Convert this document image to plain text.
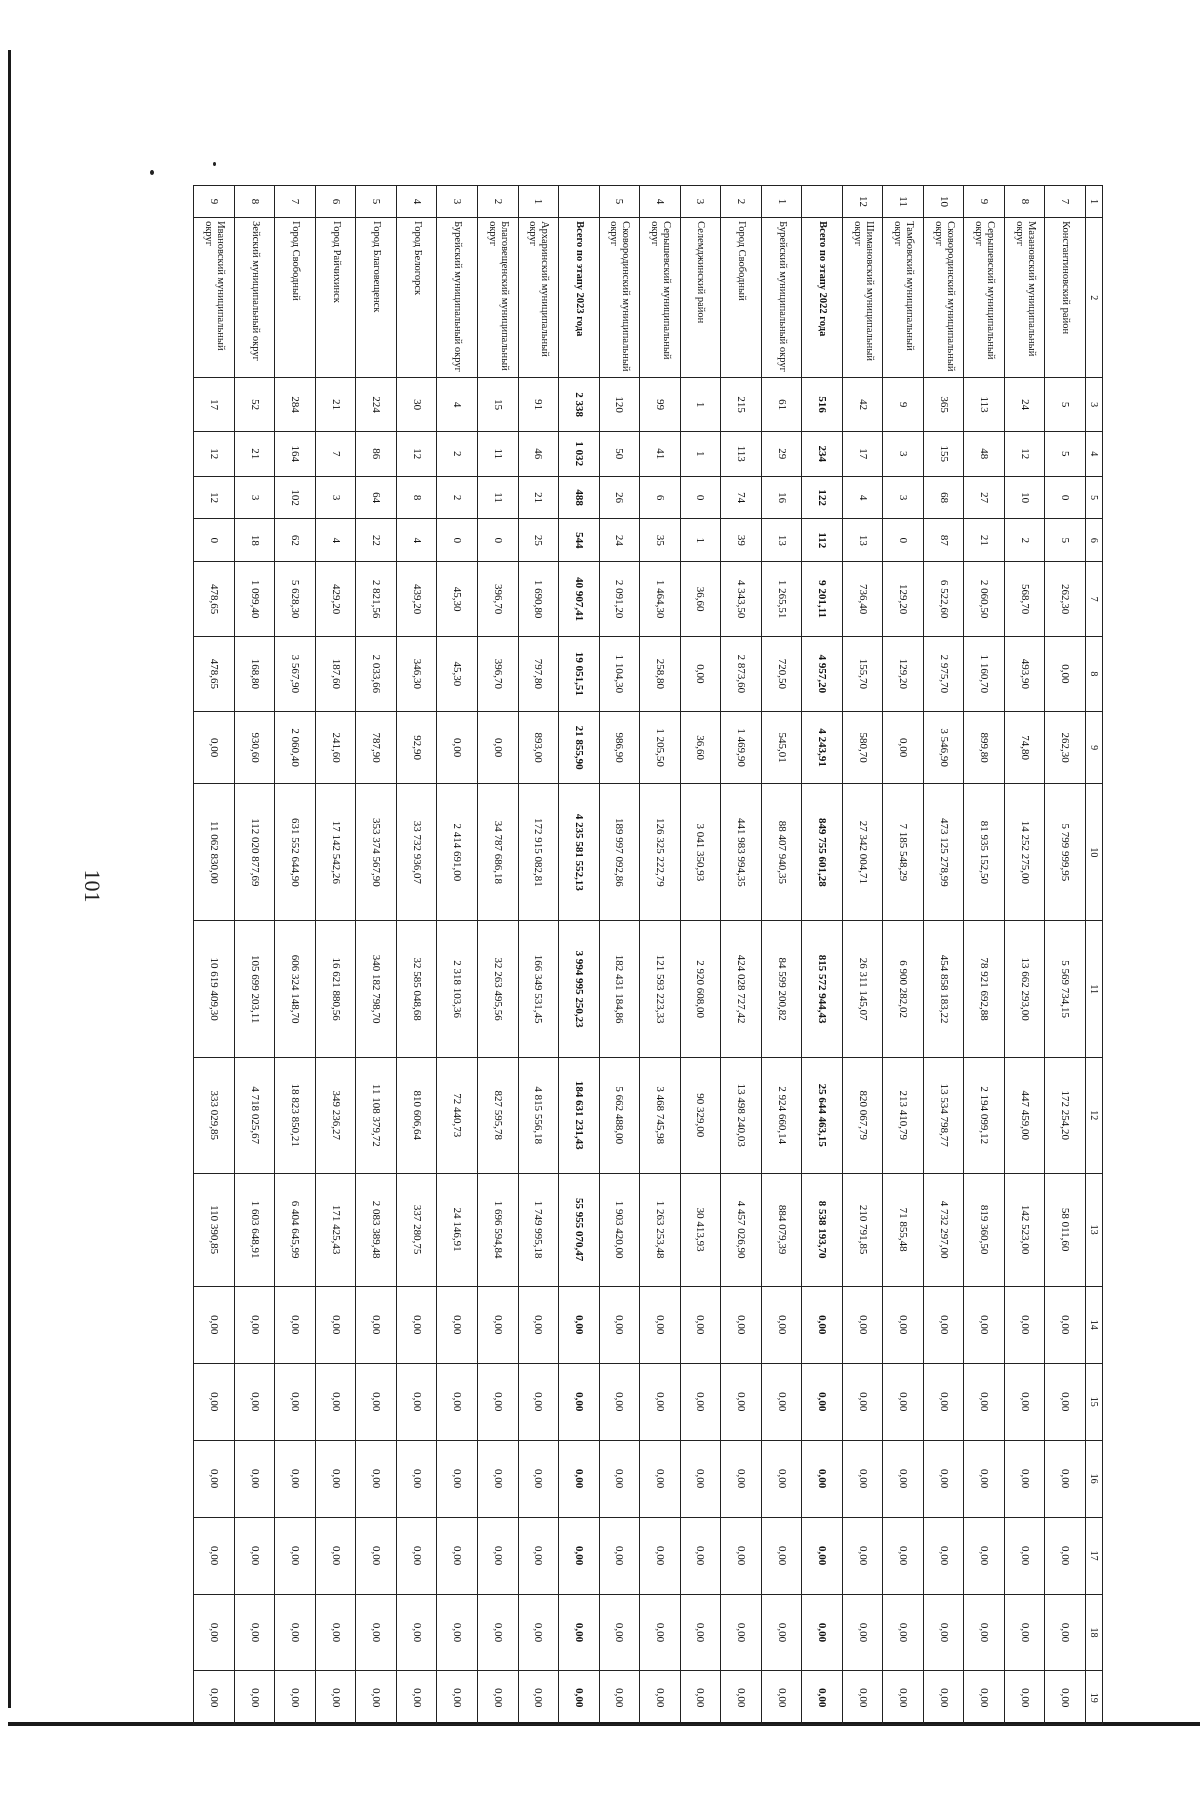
101
1	2	3	4	5	6	7	8	9	10	11	12	13	14	15	16	17	18	19
7	Константиновский район	5	5	0	5	262,30	0,00	262,30	5 799 999,95	5 569 734,15	172 254,20	58 011,60	0,00	0,00	0,00	0,00	0,00	0,00
8	Мазановский муниципальный округ	24	12	10	2	568,70	493,90	74,80	14 252 275,00	13 662 293,00	447 459,00	142 523,00	0,00	0,00	0,00	0,00	0,00	0,00
9	Серышевский муниципальный округ	113	48	27	21	2 060,50	1 160,70	899,80	81 935 152,50	78 921 692,88	2 194 099,12	819 360,50	0,00	0,00	0,00	0,00	0,00	0,00
10	Сковородинский муниципальный округ	365	155	68	87	6 522,60	2 975,70	3 546,90	473 125 278,99	454 858 183,22	13 534 798,77	4 732 297,00	0,00	0,00	0,00	0,00	0,00	0,00
11	Тамбовский муниципальный округ	9	3	3	0	129,20	129,20	0,00	7 185 548,29	6 900 282,02	213 410,79	71 855,48	0,00	0,00	0,00	0,00	0,00	0,00
12	Шимановский муниципальный округ	42	17	4	13	736,40	155,70	580,70	27 342 004,71	26 311 145,07	820 067,79	210 791,85	0,00	0,00	0,00	0,00	0,00	0,00
	Всего по этапу 2022 года	516	234	122	112	9 201,11	4 957,20	4 243,91	849 755 601,28	815 572 944,43	25 644 463,15	8 538 193,70	0,00	0,00	0,00	0,00	0,00	0,00
1	Бурейский муниципальный округ	61	29	16	13	1 265,51	720,50	545,01	88 407 940,35	84 599 200,82	2 924 660,14	884 079,39	0,00	0,00	0,00	0,00	0,00	0,00
2	Город Свободный	215	113	74	39	4 343,50	2 873,60	1 469,90	441 983 994,35	424 028 727,42	13 498 240,03	4 457 026,90	0,00	0,00	0,00	0,00	0,00	0,00
3	Селемджинский район	1	1	0	1	36,60	0,00	36,60	3 041 350,93	2 920 608,00	90 329,00	30 413,93	0,00	0,00	0,00	0,00	0,00	0,00
4	Серышевский муниципальный округ	99	41	6	35	1 464,30	258,80	1 205,50	126 325 222,79	121 593 223,33	3 468 745,98	1 263 253,48	0,00	0,00	0,00	0,00	0,00	0,00
5	Сковородинский муниципальный округ	120	50	26	24	2 091,20	1 104,30	986,90	189 997 092,86	182 431 184,86	5 662 488,00	1 903 420,00	0,00	0,00	0,00	0,00	0,00	0,00
	Всего по этапу 2023 года	2 338	1 032	488	544	40 907,41	19 051,51	21 855,90	4 235 581 552,13	3 994 995 250,23	184 631 231,43	55 955 070,47	0,00	0,00	0,00	0,00	0,00	0,00
1	Архаринский муниципальный округ	91	46	21	25	1 690,80	797,80	893,00	172 915 082,81	166 349 531,45	4 815 556,18	1 749 995,18	0,00	0,00	0,00	0,00	0,00	0,00
2	Благовещенский муниципальный округ	15	11	11	0	396,70	396,70	0,00	34 787 686,18	32 263 495,56	827 595,78	1 696 594,84	0,00	0,00	0,00	0,00	0,00	0,00
3	Бурейский муниципальный округ	4	2	2	0	45,30	45,30	0,00	2 414 691,00	2 318 103,36	72 440,73	24 146,91	0,00	0,00	0,00	0,00	0,00	0,00
4	Город Белогорск	30	12	8	4	439,20	346,30	92,90	33 732 936,07	32 585 048,68	810 606,64	337 280,75	0,00	0,00	0,00	0,00	0,00	0,00
5	Город Благовещенск	224	86	64	22	2 821,56	2 033,66	787,90	353 374 567,90	340 182 798,70	11 108 379,72	2 083 389,48	0,00	0,00	0,00	0,00	0,00	0,00
6	Город Райчихинск	21	7	3	4	429,20	187,60	241,60	17 142 542,26	16 621 880,56	349 236,27	171 425,43	0,00	0,00	0,00	0,00	0,00	0,00
7	Город Свободный	284	164	102	62	5 628,30	3 567,90	2 060,40	631 552 644,90	606 324 148,70	18 823 850,21	6 404 645,99	0,00	0,00	0,00	0,00	0,00	0,00
8	Зейский муниципальный округ	52	21	3	18	1 099,40	168,80	930,60	112 020 877,69	105 699 203,11	4 718 025,67	1 603 648,91	0,00	0,00	0,00	0,00	0,00	0,00
9	Ивановский муниципальный округ	17	12	12	0	478,65	478,65	0,00	11 062 830,00	10 619 409,30	333 029,85	110 390,85	0,00	0,00	0,00	0,00	0,00	0,00
